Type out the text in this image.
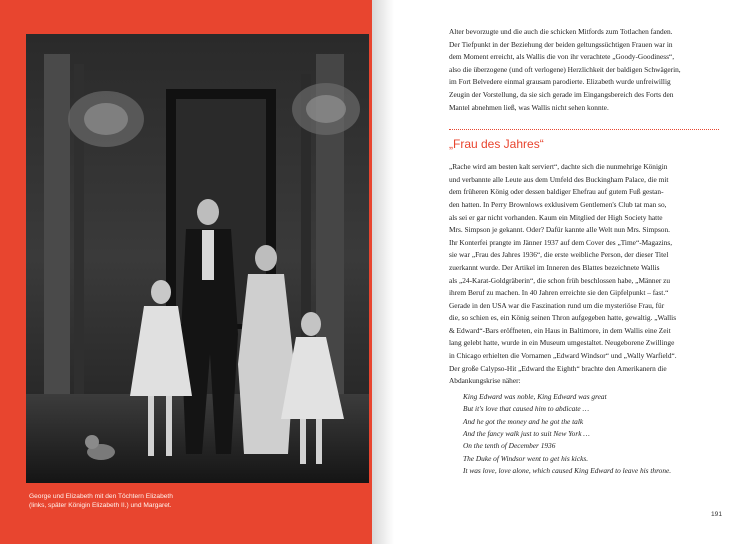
George und Elizabeth mit den Töchtern Elizabeth
(links, später Königin Elizabeth II.) und Margaret.
Alter bevorzugte und die auch die schicken Mitfords zum Totlachen fanden.
Der Tiefpunkt in der Beziehung der beiden geltungssüchtigen Frauen war in
dem Moment erreicht, als Wallis die von ihr verachtete „Goody-Goodiness“,
also die überzogene (und oft verlogene) Herzlichkeit der baldigen Schwägerin,
im Fort Belvedere einmal grausam parodierte. Elizabeth wurde unfreiwillig
Zeugin der Vorstellung, da sie sich gerade im Eingangsbereich des Forts den
Mantel abnehmen ließ, was Wallis nicht sehen konnte.
„Frau des Jahres“
„Rache wird am besten kalt serviert“, dachte sich die nunmehrige Königin
und verbannte alle Leute aus dem Umfeld des Buckingham Palace, die mit
dem früheren König oder dessen baldiger Ehefrau auf gutem Fuß gestan-
den hatten. In Perry Brownlows exklusivem Gentlemen's Club tat man so,
als sei er gar nicht vorhanden. Kaum ein Mitglied der High Society hatte
Mrs. Simpson je gekannt. Oder? Dafür kannte alle Welt nun Mrs. Simpson.
Ihr Konterfei prangte im Jänner 1937 auf dem Cover des „Time“-Magazins,
sie war „Frau des Jahres 1936“, die erste weibliche Person, der dieser Titel
zuerkannt wurde. Der Artikel im Inneren des Blattes bezeichnete Wallis
als „24-Karat-Goldgräberin“, die schon früh beschlossen habe, „Männer zu
ihrem Beruf zu machen. In 40 Jahren erreichte sie den Gipfelpunkt – fast.“
Gerade in den USA war die Faszination rund um die mysteriöse Frau, für
die, so schien es, ein König seinen Thron aufgegeben hatte, gewaltig. „Wallis
& Edward“-Bars eröffneten, ein Haus in Baltimore, in dem Wallis eine Zeit
lang gelebt hatte, wurde in ein Museum umgestaltet. Neugeborene Zwillinge
in Chicago erhielten die Vornamen „Edward Windsor“ und „Wally Warfield“.
Der große Calypso-Hit „Edward the Eighth“ brachte den Amerikanern die
Abdankungskrise näher:
King Edward was noble, King Edward was great
But it's love that caused him to abdicate …
And he got the money and he got the talk
And the fancy walk just to suit New York …
On the tenth of December 1936
The Duke of Windsor went to get his kicks.
It was love, love alone, which caused King Edward to leave his throne.
191
